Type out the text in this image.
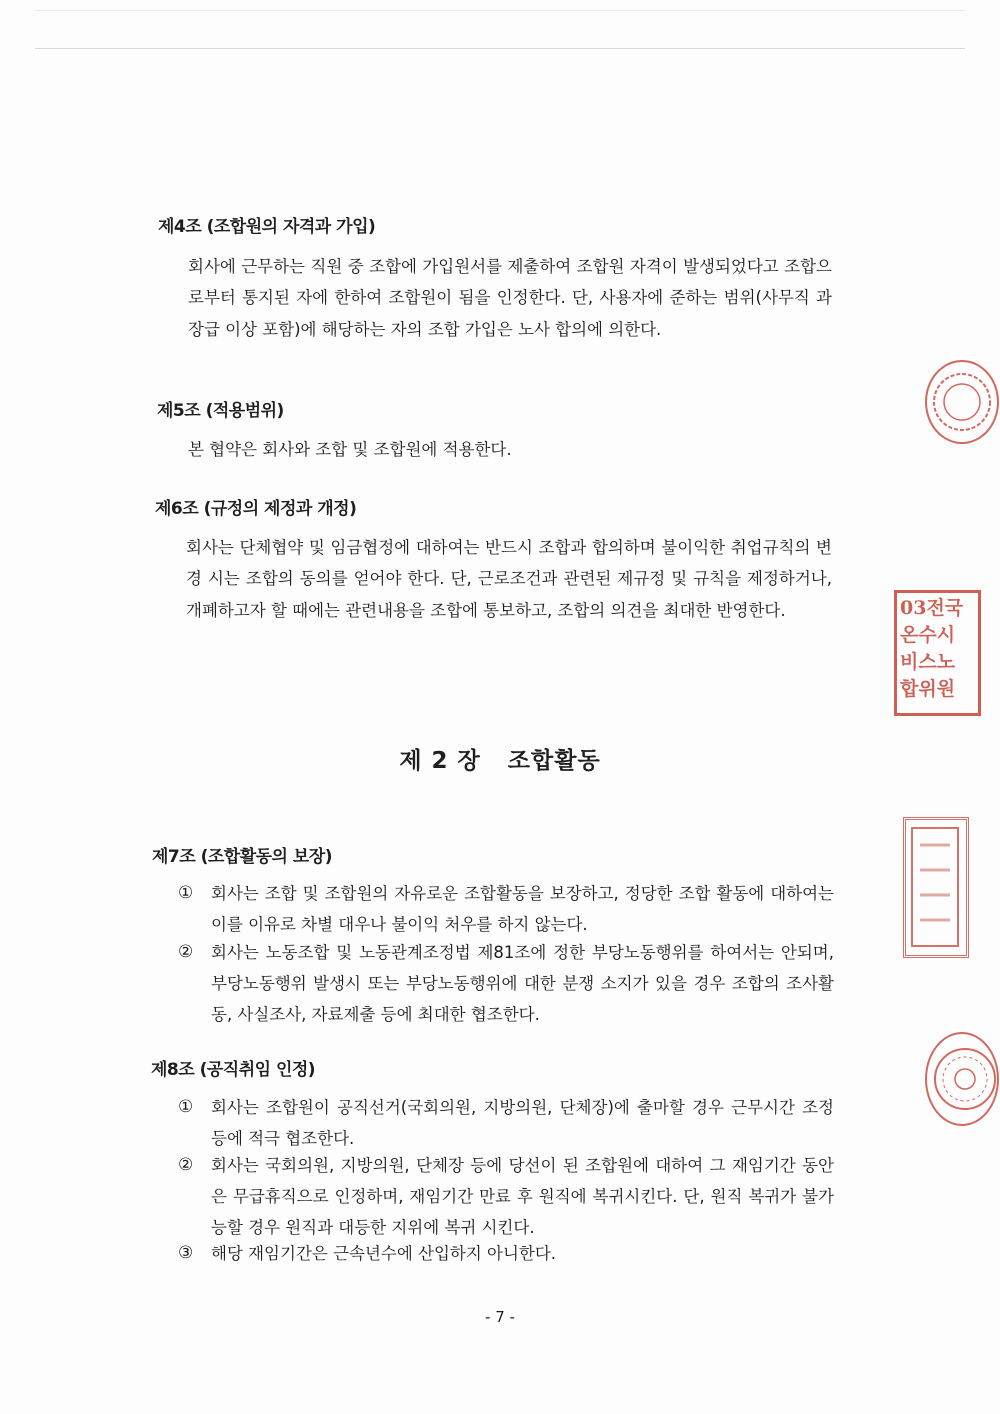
제4조 (조합원의 자격과 가입)
회사에 근무하는 직원 중 조합에 가입원서를 제출하여 조합원 자격이 발생되었다고 조합으로부터 통지된 자에 한하여 조합원이 됨을 인정한다. 단, 사용자에 준하는 범위(사무직 과장급 이상 포함)에 해당하는 자의 조합 가입은 노사 합의에 의한다.
제5조 (적용범위)
본 협약은 회사와 조합 및 조합원에 적용한다.
제6조 (규정의 제정과 개정)
회사는 단체협약 및 임금협정에 대하여는 반드시 조합과 합의하며 불이익한 취업규칙의 변경 시는 조합의 동의를 얻어야 한다. 단, 근로조건과 관련된 제규정 및 규칙을 제정하거나, 개폐하고자 할 때에는 관련내용을 조합에 통보하고, 조합의 의견을 최대한 반영한다.
제 2 장   조합활동
제7조 (조합활동의 보장)
① 회사는 조합 및 조합원의 자유로운 조합활동을 보장하고, 정당한 조합 활동에 대하여는 이를 이유로 차별 대우나 불이익 처우를 하지 않는다.
② 회사는 노동조합 및 노동관계조정법 제81조에 정한 부당노동행위를 하여서는 안되며, 부당노동행위 발생시 또는 부당노동행위에 대한 분쟁 소지가 있을 경우 조합의 조사활동, 사실조사, 자료제출 등에 최대한 협조한다.
제8조 (공직취임 인정)
① 회사는 조합원이 공직선거(국회의원, 지방의원, 단체장)에 출마할 경우 근무시간 조정 등에 적극 협조한다.
② 회사는 국회의원, 지방의원, 단체장 등에 당선이 된 조합원에 대하여 그 재임기간 동안은 무급휴직으로 인정하며, 재임기간 만료 후 원직에 복귀시킨다. 단, 원직 복귀가 불가능할 경우 원직과 대등한 지위에 복귀 시킨다.
③ 해당 재임기간은 근속년수에 산입하지 아니한다.
- 7 -
03전국
온수시
비스노
합위원
